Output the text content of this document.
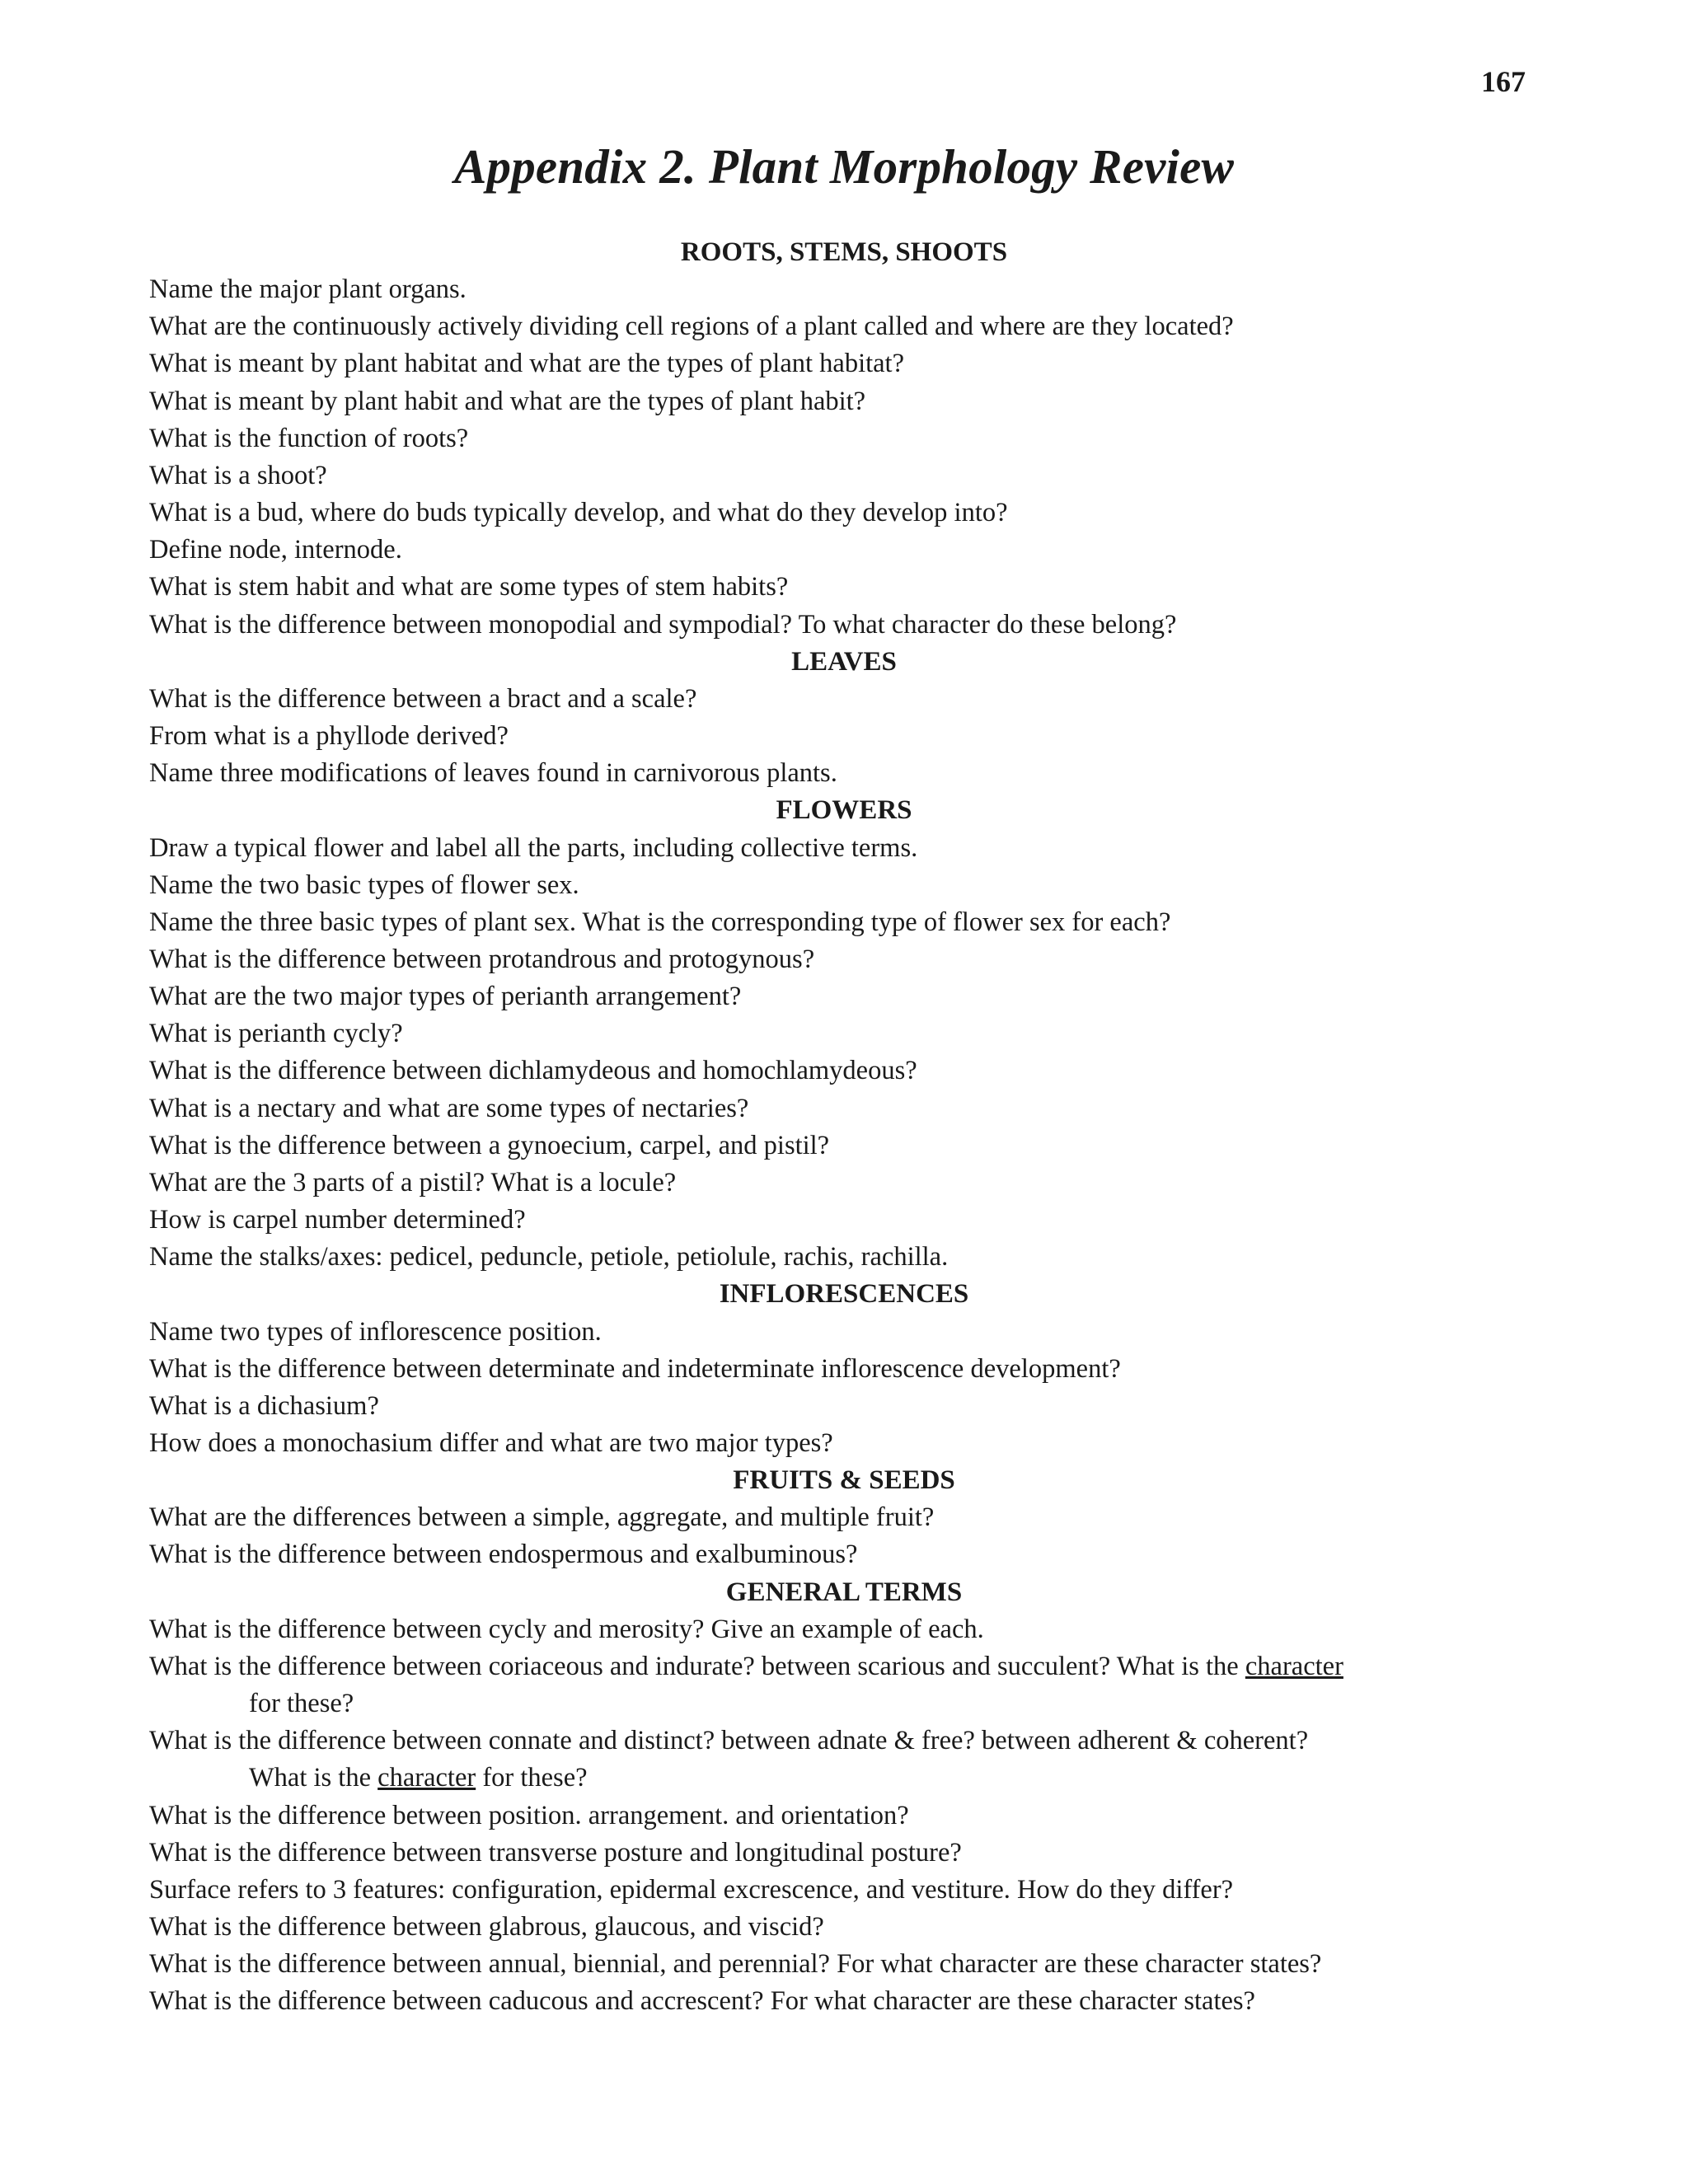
167

Appendix 2. Plant Morphology Review

ROOTS, STEMS, SHOOTS

Name the major plant organs.

What are the continuously actively dividing cell regions of a plant called and where are they located?

What is meant by plant habitat and what are the types of plant habitat?

What is meant by plant habit and what are the types of plant habit?

What is the function of roots?

What is a shoot?

What is a bud, where do buds typically develop, and what do they develop into?

Define node, internode.

What is stem habit and what are some types of stem habits?

What is the difference between monopodial and sympodial? To what character do these belong?

LEAVES

What is the difference between a bract and a scale?

From what is a phyllode derived?

Name three modifications of leaves found in carnivorous plants.

FLOWERS

Draw a typical flower and label all the parts, including collective terms.

Name the two basic types of flower sex.

Name the three basic types of plant sex. What is the corresponding type of flower sex for each?

What is the difference between protandrous and protogynous?

What are the two major types of perianth arrangement?

What is perianth cycly?

What is the difference between dichlamydeous and homochlamydeous?

What is a nectary and what are some types of nectaries?

What is the difference between a gynoecium, carpel, and pistil?

What are the 3 parts of a pistil? What is a locule?

How is carpel number determined?

Name the stalks/axes: pedicel, peduncle, petiole, petiolule, rachis, rachilla.

INFLORESCENCES

Name two types of inflorescence position.

What is the difference between determinate and indeterminate inflorescence development?

What is a dichasium?

How does a monochasium differ and what are two major types?

FRUITS & SEEDS

What are the differences between a simple, aggregate, and multiple fruit?

What is the difference between endospermous and exalbuminous?

GENERAL TERMS

What is the difference between cycly and merosity? Give an example of each.

What is the difference between coriaceous and indurate? between scarious and succulent? What is the character

for these?

What is the difference between connate and distinct? between adnate & free? between adherent & coherent?

What is the character for these?

What is the difference between position. arrangement. and orientation?

What is the difference between transverse posture and longitudinal posture?

Surface refers to 3 features: configuration, epidermal excrescence, and vestiture. How do they differ?

What is the difference between glabrous, glaucous, and viscid?

What is the difference between annual, biennial, and perennial? For what character are these character states?

What is the difference between caducous and accrescent? For what character are these character states?
